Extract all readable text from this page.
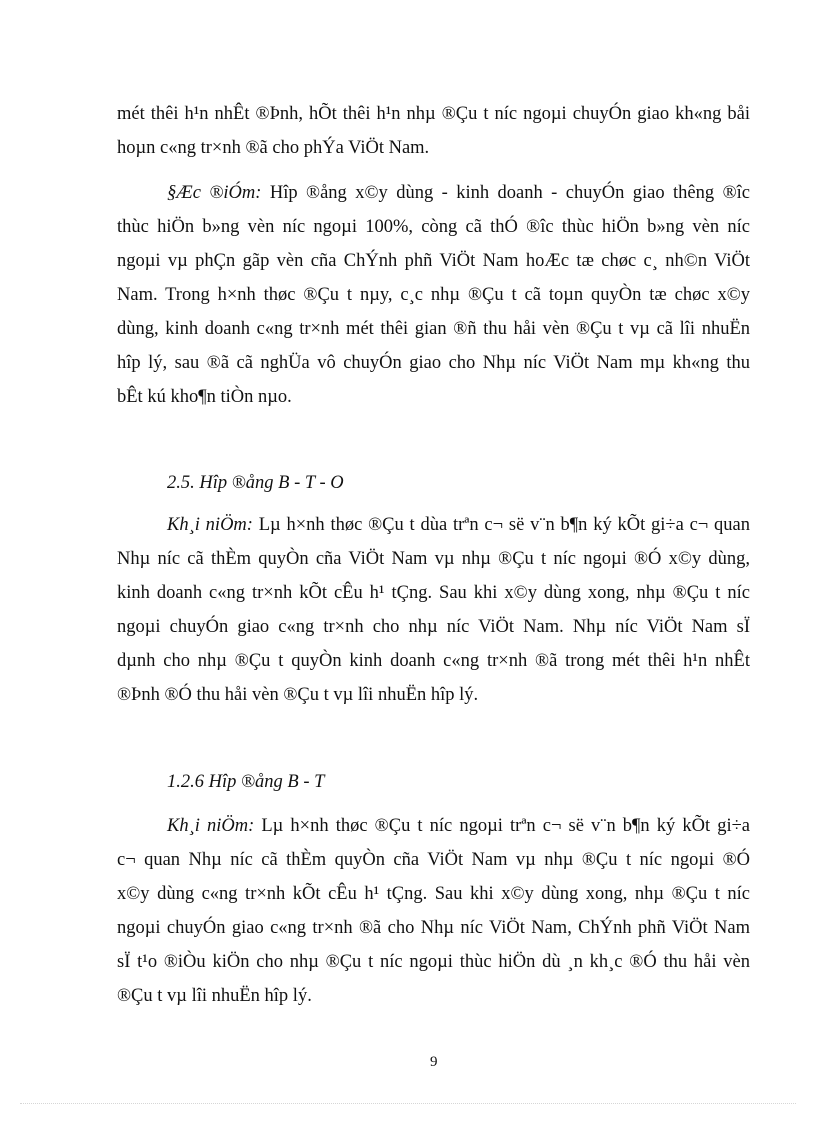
mét thêi h¹n nhÊt ®Þnh, hÕt thêi h¹n nhµ ®Çu t níc ngoµi chuyÓn giao kh«ng båi
hoµn c«ng tr×nh ®ã cho phÝa ViÖt Nam.
§Æc ®iÓm: Hîp ®ång x©y dùng - kinh doanh - chuyÓn giao thêng ®îc
thùc hiÖn b»ng vèn níc ngoµi 100%, còng cã thÓ ®îc thùc hiÖn b»ng vèn níc
ngoµi vµ phÇn gãp vèn cña ChÝnh phñ ViÖt Nam hoÆc tæ chøc c¸ nh©n ViÖt
Nam. Trong h×nh thøc ®Çu t nµy, c¸c nhµ ®Çu t cã toµn quyÒn tæ chøc x©y
dùng, kinh doanh c«ng tr×nh mét thêi gian ®ñ thu håi vèn ®Çu t vµ cã lîi nhuËn
hîp lý, sau ®ã cã nghÜa vô chuyÓn giao cho Nhµ níc ViÖt Nam mµ kh«ng thu
bÊt kú kho¶n tiÒn nµo.
2.5. Hîp ®ång B - T - O
Kh¸i niÖm: Lµ h×nh thøc ®Çu t dùa trªn c¬ së v¨n b¶n ký kÕt gi÷a c¬ quan
Nhµ níc cã thÈm quyÒn cña ViÖt Nam vµ nhµ ®Çu t níc ngoµi ®Ó x©y dùng,
kinh doanh c«ng tr×nh kÕt cÊu h¹ tÇng. Sau khi x©y dùng xong, nhµ ®Çu t níc
ngoµi chuyÓn giao c«ng tr×nh cho nhµ níc ViÖt Nam. Nhµ níc ViÖt Nam sÏ
dµnh cho nhµ ®Çu t quyÒn kinh doanh c«ng tr×nh ®ã trong mét thêi h¹n nhÊt
®Þnh ®Ó thu håi vèn ®Çu t vµ lîi nhuËn hîp lý.
1.2.6 Hîp ®ång B - T
Kh¸i niÖm: Lµ h×nh thøc ®Çu t níc ngoµi trªn c¬ së v¨n b¶n ký kÕt gi÷a
c¬ quan Nhµ níc cã thÈm quyÒn cña ViÖt Nam vµ nhµ ®Çu t níc ngoµi ®Ó
x©y dùng c«ng tr×nh kÕt cÊu h¹ tÇng. Sau khi x©y dùng xong, nhµ ®Çu t níc
ngoµi chuyÓn giao c«ng tr×nh ®ã cho Nhµ níc ViÖt Nam, ChÝnh phñ ViÖt Nam
sÏ t¹o ®iÒu kiÖn cho nhµ ®Çu t níc ngoµi thùc hiÖn dù ¸n kh¸c ®Ó thu håi vèn
®Çu t vµ lîi nhuËn hîp lý.
9
